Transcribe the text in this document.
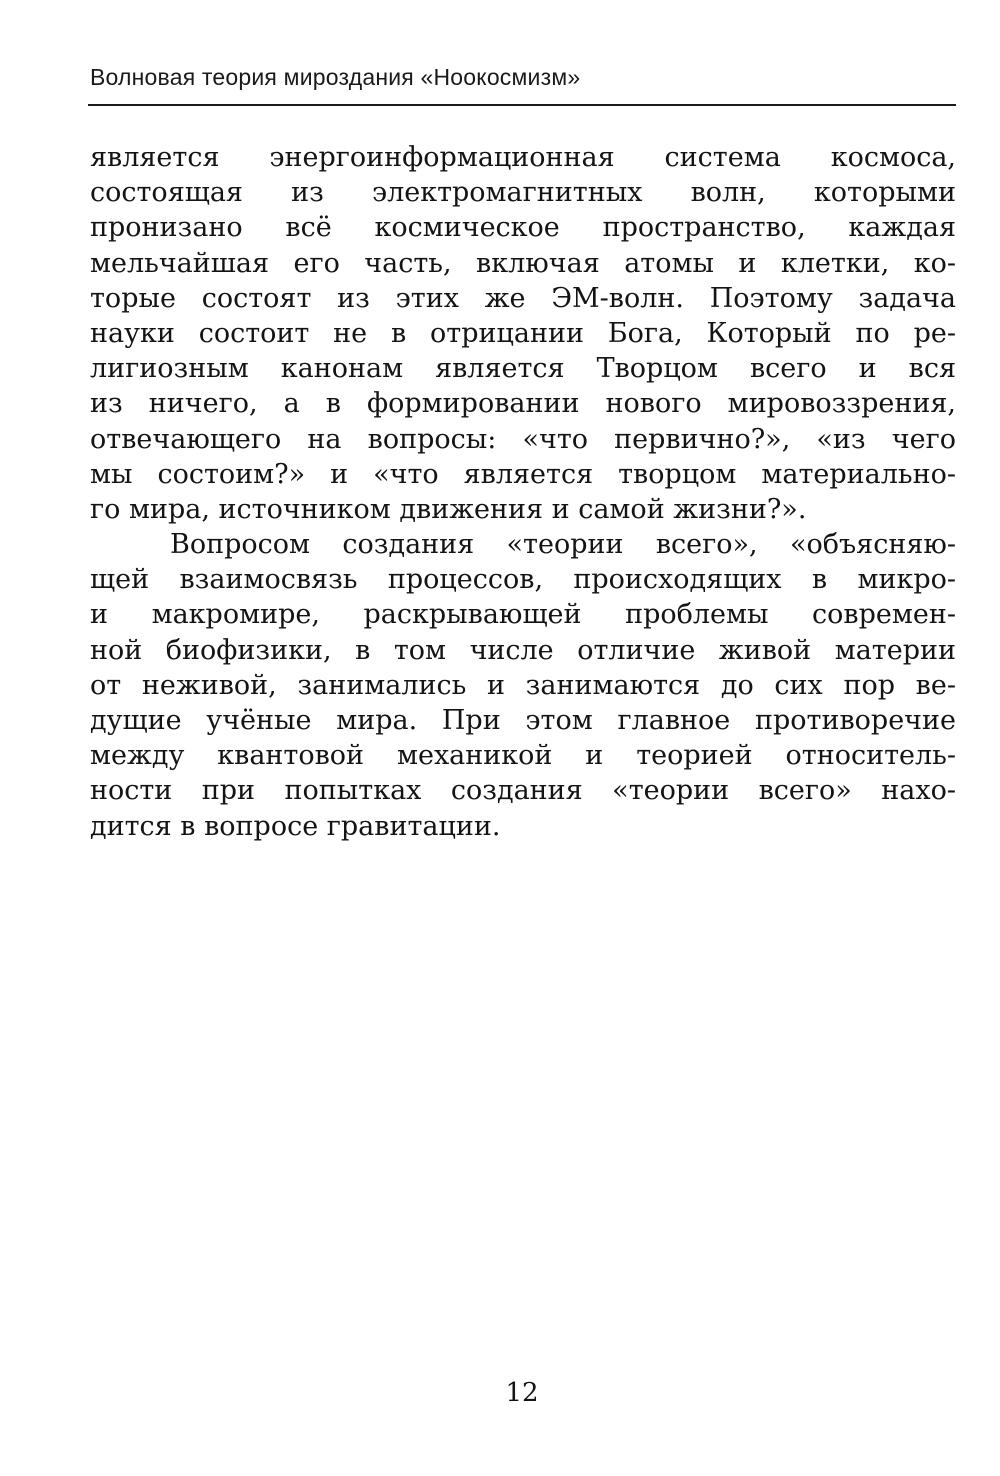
Волновая теория мироздания «Ноокосмизм»
является энергоинформационная система космоса,
состоящая из электромагнитных волн, которыми
пронизано всё космическое пространство, каждая
мельчайшая его часть, включая атомы и клетки, ко-
торые состоят из этих же ЭМ-волн. Поэтому задача
науки состоит не в отрицании Бога, Который по ре-
лигиозным канонам является Творцом всего и вся
из ничего, а в формировании нового мировоззрения,
отвечающего на вопросы: «что первично?», «из чего
мы состоим?» и «что является творцом материально-
го мира, источником движения и самой жизни?».
Вопросом создания «теории всего», «объясняю-
щей взаимосвязь процессов, происходящих в микро-
и макромире, раскрывающей проблемы современ-
ной биофизики, в том числе отличие живой материи
от неживой, занимались и занимаются до сих пор ве-
дущие учёные мира. При этом главное противоречие
между квантовой механикой и теорией относитель-
ности при попытках создания «теории всего» нахо-
дится в вопросе гравитации.
12
